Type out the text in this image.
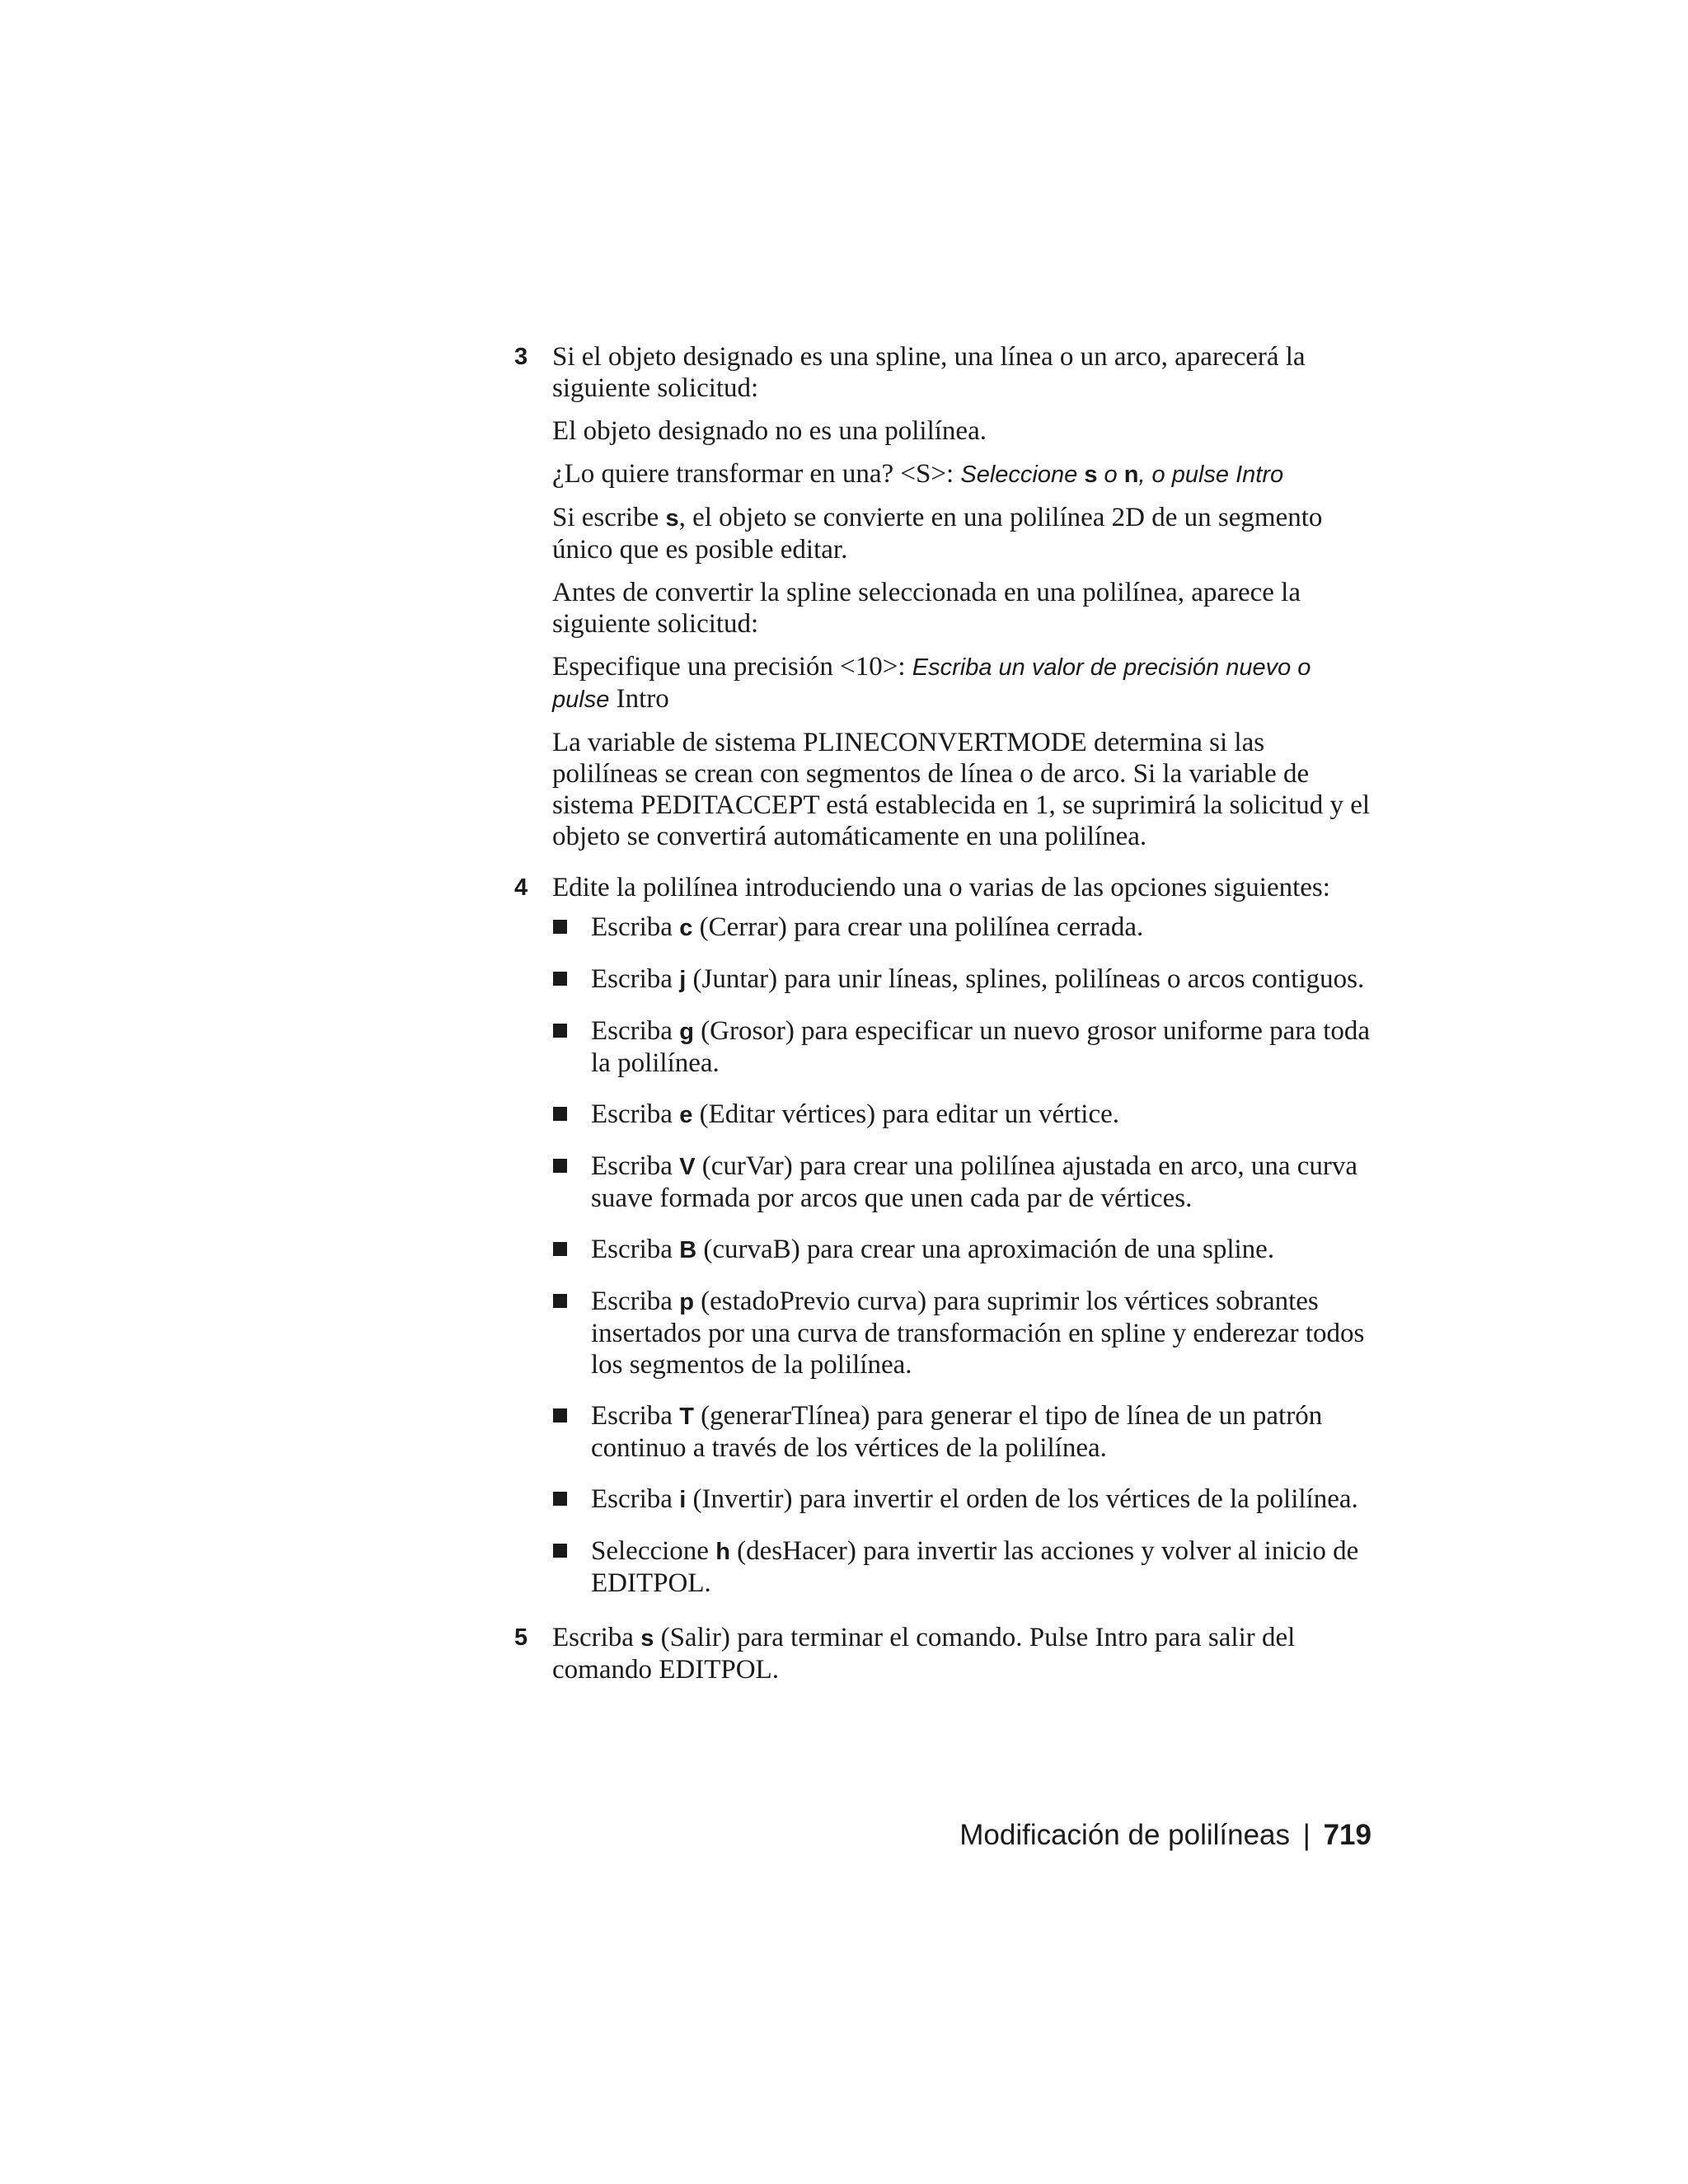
3 Si el objeto designado es una spline, una línea o un arco, aparecerá la siguiente solicitud:

El objeto designado no es una polilínea.

¿Lo quiere transformar en una? <S>: Seleccione s o n, o pulse Intro

Si escribe s, el objeto se convierte en una polilínea 2D de un segmento único que es posible editar.

Antes de convertir la spline seleccionada en una polilínea, aparece la siguiente solicitud:

Especifique una precisión <10>: Escriba un valor de precisión nuevo o pulse Intro

La variable de sistema PLINECONVERTMODE determina si las polilíneas se crean con segmentos de línea o de arco. Si la variable de sistema PEDITACCEPT está establecida en 1, se suprimirá la solicitud y el objeto se convertirá automáticamente en una polilínea.

4 Edite la polilínea introduciendo una o varias de las opciones siguientes:

Escriba c (Cerrar) para crear una polilínea cerrada.
Escriba j (Juntar) para unir líneas, splines, polilíneas o arcos contiguos.
Escriba g (Grosor) para especificar un nuevo grosor uniforme para toda la polilínea.
Escriba e (Editar vértices) para editar un vértice.
Escriba V (curVar) para crear una polilínea ajustada en arco, una curva suave formada por arcos que unen cada par de vértices.
Escriba B (curvaB) para crear una aproximación de una spline.
Escriba p (estadoPrevio curva) para suprimir los vértices sobrantes insertados por una curva de transformación en spline y enderezar todos los segmentos de la polilínea.
Escriba T (generarTlínea) para generar el tipo de línea de un patrón continuo a través de los vértices de la polilínea.
Escriba i (Invertir) para invertir el orden de los vértices de la polilínea.
Seleccione h (desHacer) para invertir las acciones y volver al inicio de EDITPOL.
5 Escriba s (Salir) para terminar el comando. Pulse Intro para salir del comando EDITPOL.

Modificación de polilíneas | 719
